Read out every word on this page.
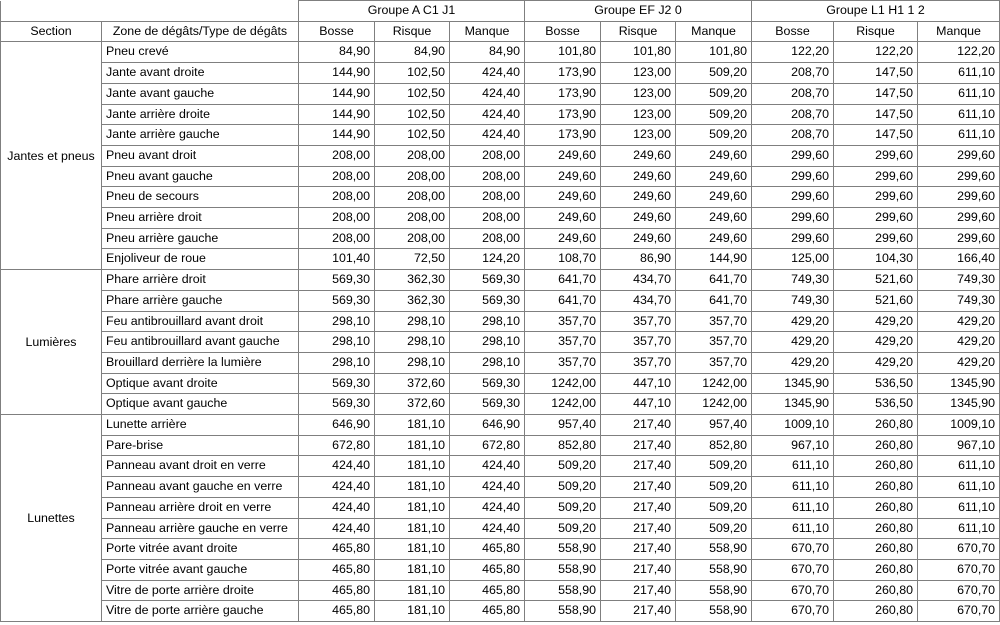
		Groupe A C1 J1			Groupe EF J2 0			Groupe L1 H1 1 2		
Section	Zone de dégâts/Type de dégâts	Bosse	Risque	Manque	Bosse	Risque	Manque	Bosse	Risque	Manque
Jantes et pneus	Pneu crevé	84,90	84,90	84,90	101,80	101,80	101,80	122,20	122,20	122,20
	Jante avant droite	144,90	102,50	424,40	173,90	123,00	509,20	208,70	147,50	611,10
	Jante avant gauche	144,90	102,50	424,40	173,90	123,00	509,20	208,70	147,50	611,10
	Jante arrière droite	144,90	102,50	424,40	173,90	123,00	509,20	208,70	147,50	611,10
	Jante arrière gauche	144,90	102,50	424,40	173,90	123,00	509,20	208,70	147,50	611,10
	Pneu avant droit	208,00	208,00	208,00	249,60	249,60	249,60	299,60	299,60	299,60
	Pneu avant gauche	208,00	208,00	208,00	249,60	249,60	249,60	299,60	299,60	299,60
	Pneu de secours	208,00	208,00	208,00	249,60	249,60	249,60	299,60	299,60	299,60
	Pneu arrière droit	208,00	208,00	208,00	249,60	249,60	249,60	299,60	299,60	299,60
	Pneu arrière gauche	208,00	208,00	208,00	249,60	249,60	249,60	299,60	299,60	299,60
	Enjoliveur de roue	101,40	72,50	124,20	108,70	86,90	144,90	125,00	104,30	166,40
Lumières	Phare arrière droit	569,30	362,30	569,30	641,70	434,70	641,70	749,30	521,60	749,30
	Phare arrière gauche	569,30	362,30	569,30	641,70	434,70	641,70	749,30	521,60	749,30
	Feu antibrouillard avant droit	298,10	298,10	298,10	357,70	357,70	357,70	429,20	429,20	429,20
	Feu antibrouillard avant gauche	298,10	298,10	298,10	357,70	357,70	357,70	429,20	429,20	429,20
	Brouillard derrière la lumière	298,10	298,10	298,10	357,70	357,70	357,70	429,20	429,20	429,20
	Optique avant droite	569,30	372,60	569,30	1242,00	447,10	1242,00	1345,90	536,50	1345,90
	Optique avant gauche	569,30	372,60	569,30	1242,00	447,10	1242,00	1345,90	536,50	1345,90
Lunettes	Lunette arrière	646,90	181,10	646,90	957,40	217,40	957,40	1009,10	260,80	1009,10
	Pare-brise	672,80	181,10	672,80	852,80	217,40	852,80	967,10	260,80	967,10
	Panneau avant droit en verre	424,40	181,10	424,40	509,20	217,40	509,20	611,10	260,80	611,10
	Panneau avant gauche en verre	424,40	181,10	424,40	509,20	217,40	509,20	611,10	260,80	611,10
	Panneau arrière droit en verre	424,40	181,10	424,40	509,20	217,40	509,20	611,10	260,80	611,10
	Panneau arrière gauche en verre	424,40	181,10	424,40	509,20	217,40	509,20	611,10	260,80	611,10
	Porte vitrée avant droite	465,80	181,10	465,80	558,90	217,40	558,90	670,70	260,80	670,70
	Porte vitrée avant gauche	465,80	181,10	465,80	558,90	217,40	558,90	670,70	260,80	670,70
	Vitre de porte arrière droite	465,80	181,10	465,80	558,90	217,40	558,90	670,70	260,80	670,70
	Vitre de porte arrière gauche	465,80	181,10	465,80	558,90	217,40	558,90	670,70	260,80	670,70
